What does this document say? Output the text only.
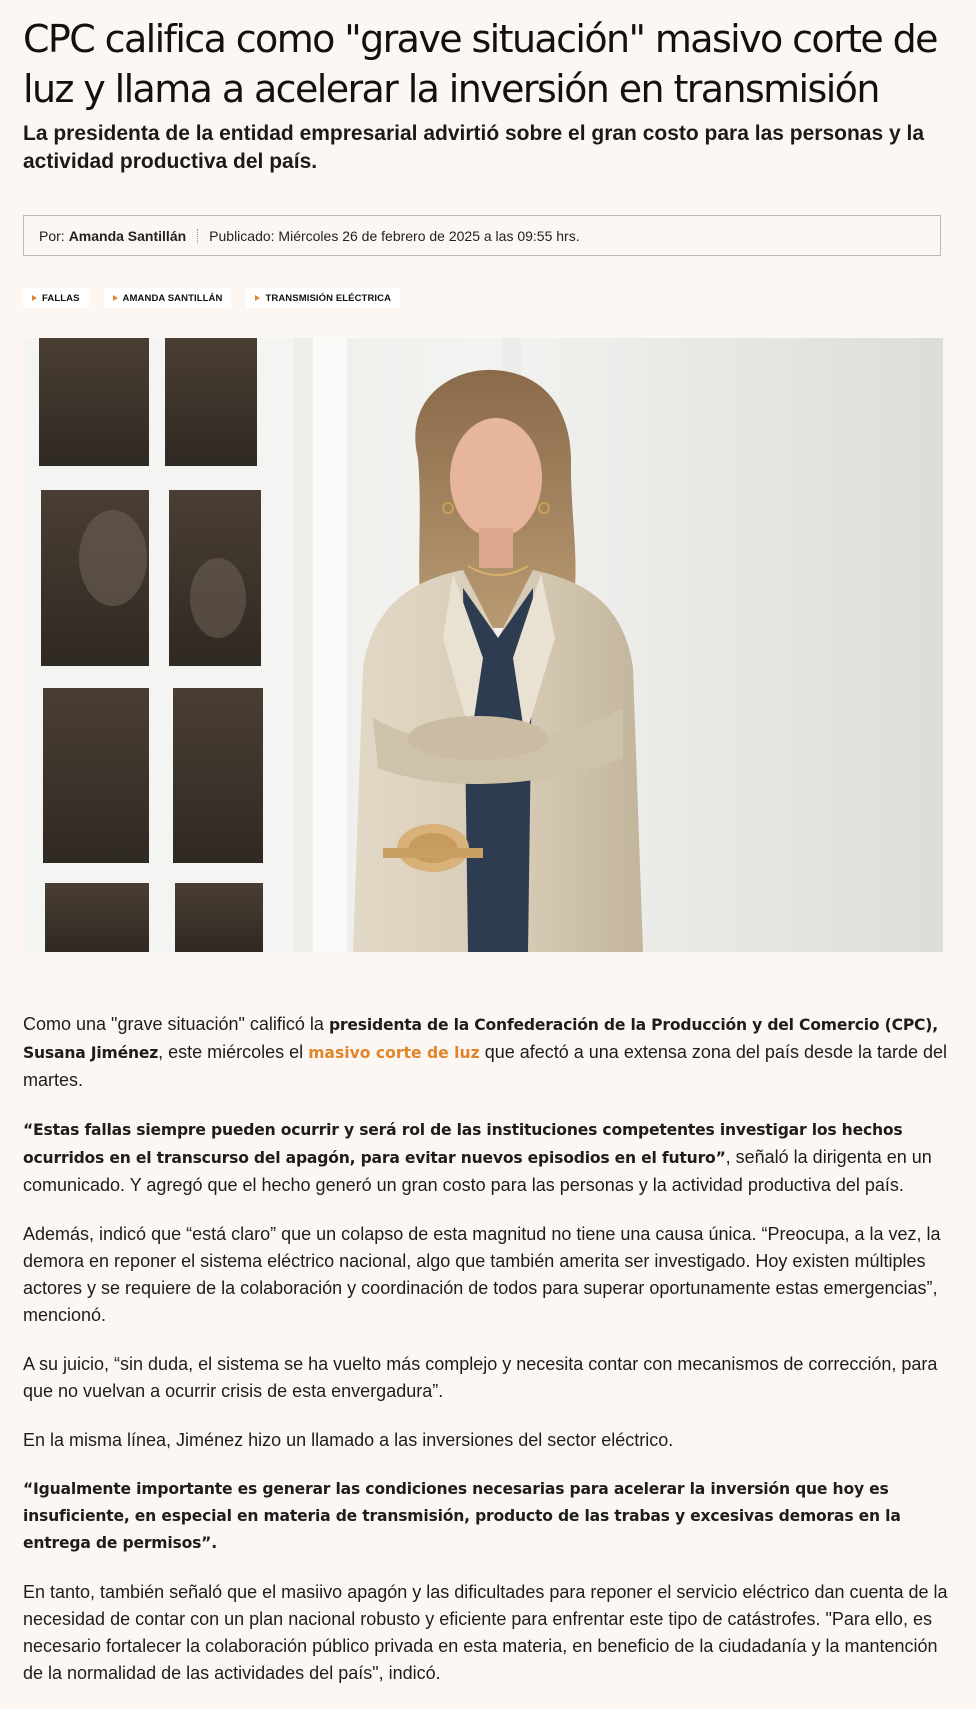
CPC califica como "grave situación" masivo corte de luz y llama a acelerar la inversión en transmisión
La presidenta de la entidad empresarial advirtió sobre el gran costo para las personas y la actividad productiva del país.
Por: Amanda Santillán Publicado: Miércoles 26 de febrero de 2025 a las 09:55 hrs.
FALLAS	AMANDA SANTILLÁN	TRANSMISIÓN ELÉCTRICA

Como una "grave situación" calificó la presidenta de la Confederación de la Producción y del Comercio (CPC), Susana Jiménez, este miércoles el masivo corte de luz que afectó a una extensa zona del país desde la tarde del martes.

“Estas fallas siempre pueden ocurrir y será rol de las instituciones competentes investigar los hechos ocurridos en el transcurso del apagón, para evitar nuevos episodios en el futuro”, señaló la dirigenta en un comunicado. Y agregó que el hecho generó un gran costo para las personas y la actividad productiva del país.

Además, indicó que “está claro” que un colapso de esta magnitud no tiene una causa única. “Preocupa, a la vez, la demora en reponer el sistema eléctrico nacional, algo que también amerita ser investigado. Hoy existen múltiples actores y se requiere de la colaboración y coordinación de todos para superar oportunamente estas emergencias”, mencionó.

A su juicio, “sin duda, el sistema se ha vuelto más complejo y necesita contar con mecanismos de corrección, para que no vuelvan a ocurrir crisis de esta envergadura”.

En la misma línea, Jiménez hizo un llamado a las inversiones del sector eléctrico.

“Igualmente importante es generar las condiciones necesarias para acelerar la inversión que hoy es insuficiente, en especial en materia de transmisión, producto de las trabas y excesivas demoras en la entrega de permisos”.

En tanto, también señaló que el masiivo apagón y las dificultades para reponer el servicio eléctrico dan cuenta de la necesidad de contar con un plan nacional robusto y eficiente para enfrentar este tipo de catástrofes. "Para ello, es necesario fortalecer la colaboración público privada en esta materia, en beneficio de la ciudadanía y la mantención de la normalidad de las actividades del país", indicó.
